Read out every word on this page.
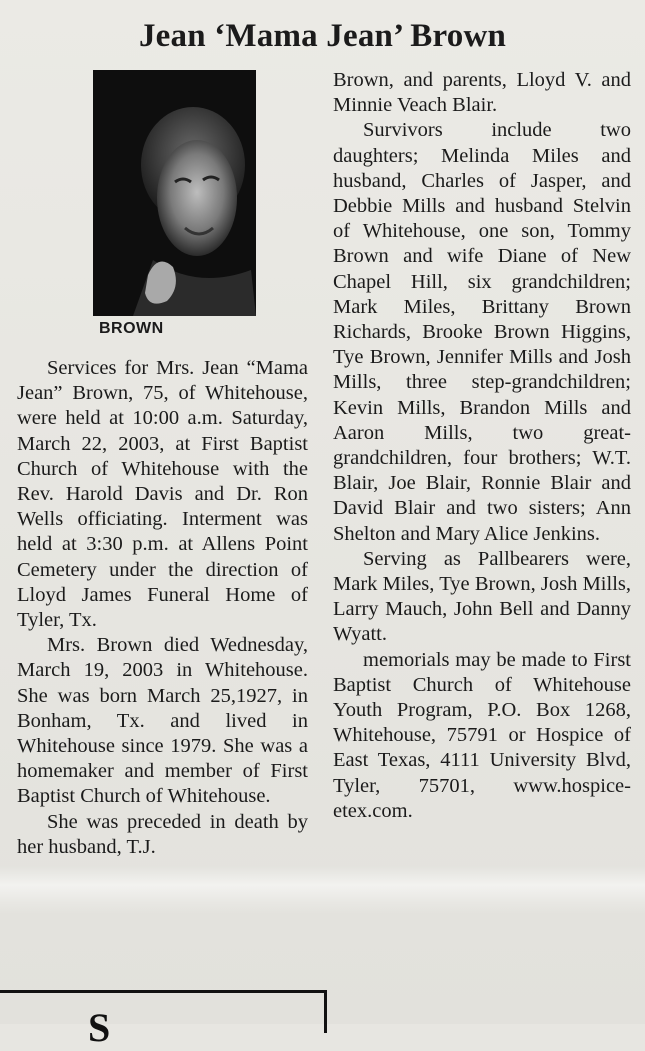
Jean ‘Mama Jean’ Brown
BROWN

Services for Mrs. Jean “Mama Jean” Brown, 75, of Whitehouse, were held at 10:00 a.m. Saturday, March 22, 2003, at First Baptist Church of Whitehouse with the Rev. Harold Davis and Dr. Ron Wells officiating. Interment was held at 3:30 p.m. at Allens Point Cemetery under the direction of Lloyd James Funeral Home of Tyler, Tx.

Mrs. Brown died Wednesday, March 19, 2003 in Whitehouse. She was born March 25,1927, in Bonham, Tx. and lived in Whitehouse since 1979. She was a homemaker and member of First Baptist Church of Whitehouse.

She was preceded in death by her husband, T.J.

Brown, and parents, Lloyd V. and Minnie Veach Blair.

Survivors include two daughters; Melinda Miles and husband, Charles of Jasper, and Debbie Mills and husband Stelvin of Whitehouse, one son, Tommy Brown and wife Diane of New Chapel Hill, six grandchildren; Mark Miles, Brittany Brown Richards, Brooke Brown Higgins, Tye Brown, Jennifer Mills and Josh Mills, three step-grandchildren; Kevin Mills, Brandon Mills and Aaron Mills, two great-grandchildren, four brothers; W.T. Blair, Joe Blair, Ronnie Blair and David Blair and two sisters; Ann Shelton and Mary Alice Jenkins.

Serving as Pallbearers were, Mark Miles, Tye Brown, Josh Mills, Larry Mauch, John Bell and Danny Wyatt.

memorials may be made to First Baptist Church of Whitehouse Youth Program, P.O. Box 1268, Whitehouse, 75791 or Hospice of East Texas, 4111 University Blvd, Tyler, 75701, www.hospiceetex.com.

S
